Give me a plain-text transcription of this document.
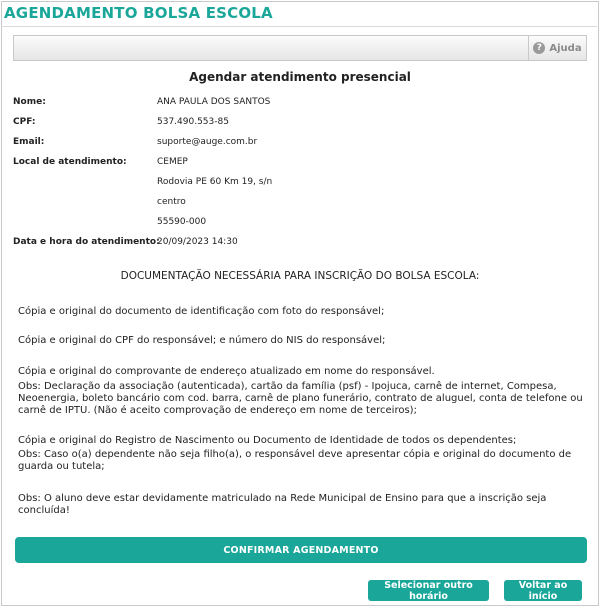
AGENDAMENTO BOLSA ESCOLA
? Ajuda
Agendar atendimento presencial
Nome:	ANA PAULA DOS SANTOS
CPF:	537.490.553-85
Email:	suporte@auge.com.br
Local de atendimento:	CEMEP
Rodovia PE 60 Km 19, s/n
centro
55590-000
Data e hora do atendimento:
20/09/2023 14:30
DOCUMENTAÇÃO NECESSÁRIA PARA INSCRIÇÃO DO BOLSA ESCOLA:
Cópia e original do documento de identificação com foto do responsável;
Cópia e original do CPF do responsável; e número do NIS do responsável;
Cópia e original do comprovante de endereço atualizado em nome do responsável.
Obs: Declaração da associação (autenticada), cartão da família (psf) - Ipojuca, carnê de internet, Compesa, Neoenergia, boleto bancário com cod. barra, carnê de plano funerário, contrato de aluguel, conta de telefone ou carnê de IPTU. (Não é aceito comprovação de endereço em nome de terceiros);
Cópia e original do Registro de Nascimento ou Documento de Identidade de todos os dependentes;
Obs: Caso o(a) dependente não seja filho(a), o responsável deve apresentar cópia e original do documento de guarda ou tutela;
Obs: O aluno deve estar devidamente matriculado na Rede Municipal de Ensino para que a inscrição seja concluída!
CONFIRMAR AGENDAMENTO
Selecionar outro horário
Voltar ao início
